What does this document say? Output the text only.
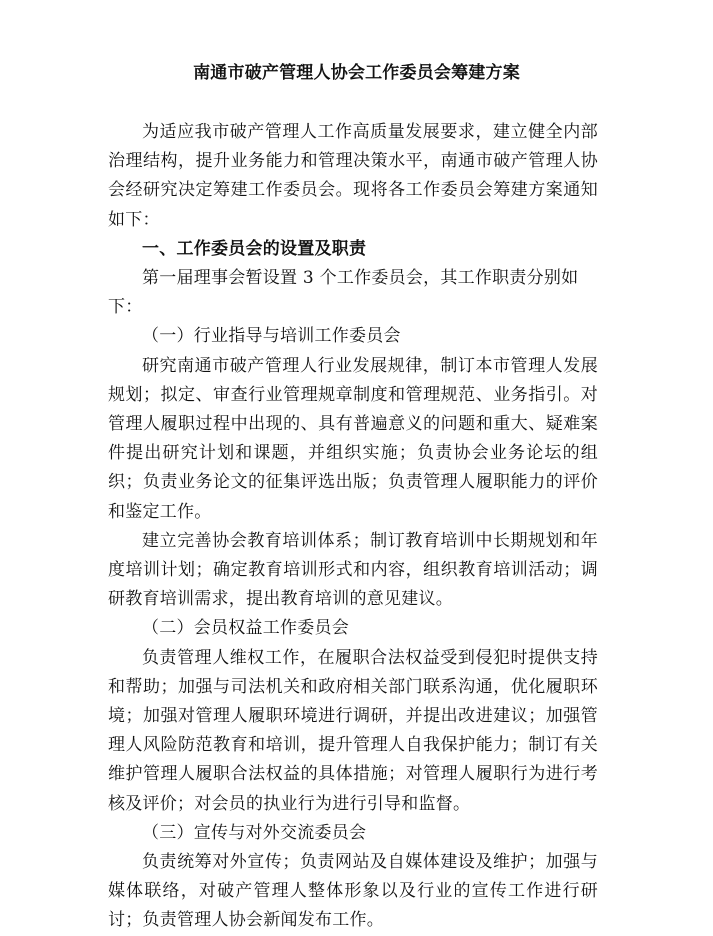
南通市破产管理人协会工作委员会筹建方案

为适应我市破产管理人工作高质量发展要求，建立健全内部治理结构，提升业务能力和管理决策水平，南通市破产管理人协会经研究决定筹建工作委员会。现将各工作委员会筹建方案通知如下：

一、工作委员会的设置及职责

第一届理事会暂设置 3 个工作委员会，其工作职责分别如下：

（一）行业指导与培训工作委员会

研究南通市破产管理人行业发展规律，制订本市管理人发展规划；拟定、审查行业管理规章制度和管理规范、业务指引。对管理人履职过程中出现的、具有普遍意义的问题和重大、疑难案件提出研究计划和课题，并组织实施；负责协会业务论坛的组织；负责业务论文的征集评选出版；负责管理人履职能力的评价和鉴定工作。

建立完善协会教育培训体系；制订教育培训中长期规划和年度培训计划；确定教育培训形式和内容，组织教育培训活动；调研教育培训需求，提出教育培训的意见建议。

（二）会员权益工作委员会

负责管理人维权工作，在履职合法权益受到侵犯时提供支持和帮助；加强与司法机关和政府相关部门联系沟通，优化履职环境；加强对管理人履职环境进行调研，并提出改进建议；加强管理人风险防范教育和培训，提升管理人自我保护能力；制订有关维护管理人履职合法权益的具体措施；对管理人履职行为进行考核及评价；对会员的执业行为进行引导和监督。

（三）宣传与对外交流委员会

负责统筹对外宣传；负责网站及自媒体建设及维护；加强与媒体联络，对破产管理人整体形象以及行业的宣传工作进行研讨；负责管理人协会新闻发布工作。
